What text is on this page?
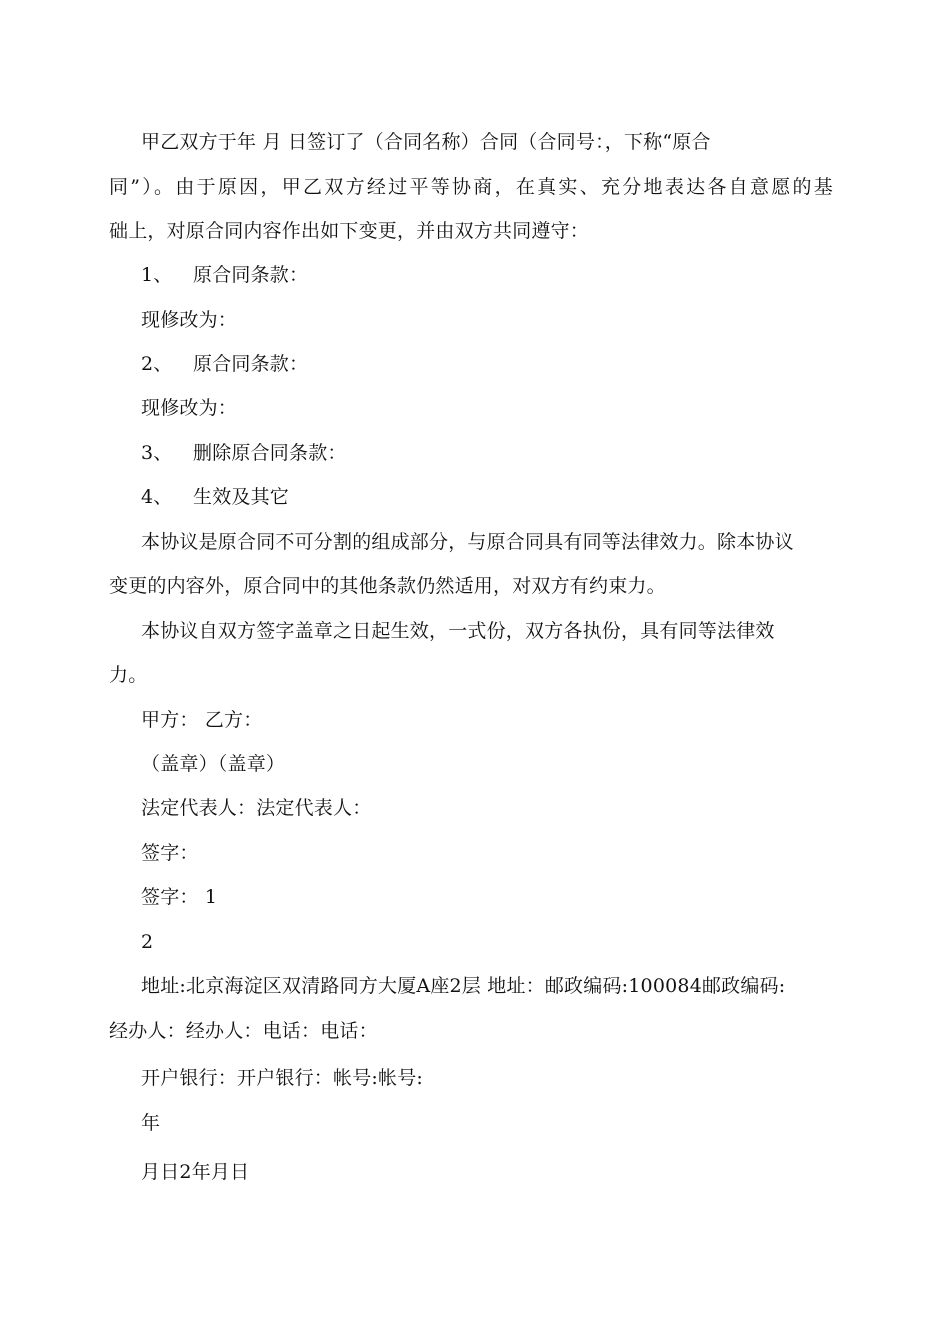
甲乙双方于年 月 日签订了（合同名称）合同（合同号：，下称“原合
同”）。由于原因，甲乙双方经过平等协商，在真实、充分地表达各自意愿的基
础上，对原合同内容作出如下变更，并由双方共同遵守：
1、 原合同条款：
现修改为：
2、 原合同条款：
现修改为：
3、 删除原合同条款：
4、 生效及其它
本协议是原合同不可分割的组成部分，与原合同具有同等法律效力。除本协议
变更的内容外，原合同中的其他条款仍然适用，对双方有约束力。
本协议自双方签字盖章之日起生效，一式份，双方各执份，具有同等法律效
力。
甲方： 乙方：
（盖章）（盖章）
法定代表人：法定代表人：
签字：
签字： 1
2
地址:北京海淀区双清路同方大厦A座2层 地址：邮政编码:100084邮政编码:
经办人：经办人：电话：电话：
开户银行：开户银行：帐号:帐号:
年
月日2年月日
